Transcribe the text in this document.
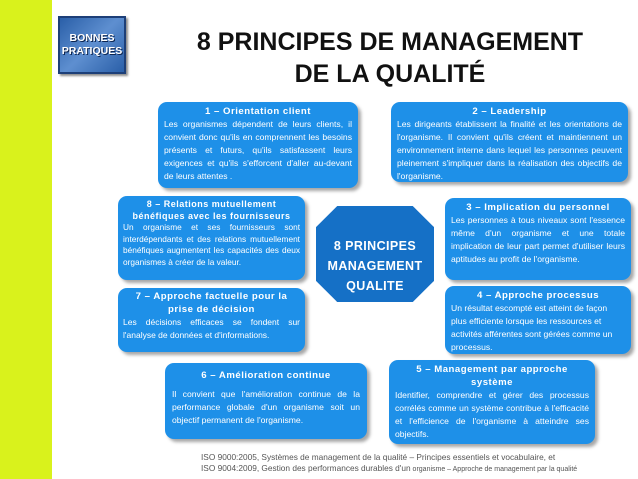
BONNES
PRATIQUES	8 PRINCIPES DE MANAGEMENT
DE LA QUALITÉ
1 – Orientation client
Les organismes dépendent de leurs clients, il convient donc qu'ils en comprennent les besoins présents et futurs, qu'ils satisfassent leurs exigences et qu'ils s'efforcent d'aller au-devant de leurs attentes .
2 – Leadership
Les dirigeants établissent la finalité et les orientations de l'organisme. Il convient qu'ils créent et maintiennent un environnement interne dans lequel les personnes peuvent pleinement s'impliquer dans la réalisation des objectifs de l'organisme.
8 – Relations mutuellement
bénéfiques avec les fournisseurs
Un organisme et ses fournisseurs sont interdépendants et des relations mutuellement bénéfiques augmentent les capacités des deux organismes à créer de la valeur.
3 – Implication du personnel
Les personnes à tous niveaux sont l'essence même d'un organisme et une totale implication de leur part permet d'utiliser leurs aptitudes au profit de l'organisme.
8 PRINCIPES
MANAGEMENT
QUALITE
7 – Approche factuelle pour la
prise de décision
Les décisions efficaces se fondent sur l'analyse de données et d'informations.
4 – Approche processus
Un résultat escompté est atteint de façon plus efficiente lorsque les ressources et activités afférentes sont gérées comme un processus.
6 – Amélioration continue
Il convient que l'amélioration continue de la performance globale d'un organisme soit un objectif permanent de l'organisme.
5 – Management par approche
système
Identifier, comprendre et gérer des processus corrélés comme un système contribue à l'efficacité et l'efficience de l'organisme à atteindre ses objectifs.
ISO 9000:2005, Systèmes de management de la qualité – Principes essentiels et vocabulaire, et
ISO 9004:2009, Gestion des performances durables d'un organisme – Approche de management par la qualité
